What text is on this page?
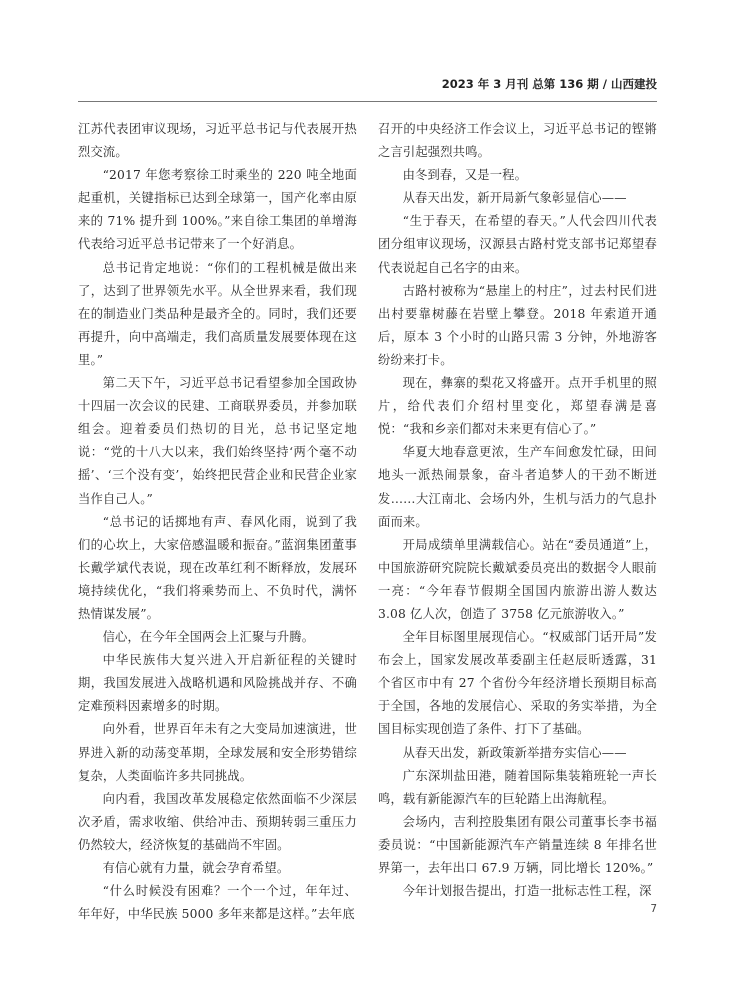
2023 年 3 月刊 总第 136 期 / 山西建投

江苏代表团审议现场，习近平总书记与代表展开热烈交流。

“2017 年您考察徐工时乘坐的 220 吨全地面起重机，关键指标已达到全球第一，国产化率由原来的 71% 提升到 100%。”来自徐工集团的单增海代表给习近平总书记带来了一个好消息。

总书记肯定地说：“你们的工程机械是做出来了，达到了世界领先水平。从全世界来看，我们现在的制造业门类品种是最齐全的。同时，我们还要再提升，向中高端走，我们高质量发展要体现在这里。”

第二天下午，习近平总书记看望参加全国政协十四届一次会议的民建、工商联界委员，并参加联组会。迎着委员们热切的目光，总书记坚定地说：“党的十八大以来，我们始终坚持‘两个毫不动摇’、‘三个没有变’，始终把民营企业和民营企业家当作自己人。”

“总书记的话掷地有声、春风化雨，说到了我们的心坎上，大家倍感温暖和振奋。”蓝润集团董事长戴学斌代表说，现在改革红利不断释放，发展环境持续优化，“我们将乘势而上、不负时代，满怀热情谋发展”。

信心，在今年全国两会上汇聚与升腾。

中华民族伟大复兴进入开启新征程的关键时期，我国发展进入战略机遇和风险挑战并存、不确定难预料因素增多的时期。

向外看，世界百年未有之大变局加速演进，世界进入新的动荡变革期，全球发展和安全形势错综复杂，人类面临许多共同挑战。

向内看，我国改革发展稳定依然面临不少深层次矛盾，需求收缩、供给冲击、预期转弱三重压力仍然较大，经济恢复的基础尚不牢固。

有信心就有力量，就会孕育希望。

“什么时候没有困难？一个一个过，年年过、年年好，中华民族 5000 多年来都是这样。”去年底

召开的中央经济工作会议上，习近平总书记的铿锵之言引起强烈共鸣。

由冬到春，又是一程。

从春天出发，新开局新气象彰显信心——

“生于春天，在希望的春天。”人代会四川代表团分组审议现场，汉源县古路村党支部书记郑望春代表说起自己名字的由来。

古路村被称为“悬崖上的村庄”，过去村民们进出村要靠树藤在岩壁上攀登。2018 年索道开通后，原本 3 个小时的山路只需 3 分钟，外地游客纷纷来打卡。

现在，彝寨的梨花又将盛开。点开手机里的照片，给代表们介绍村里变化，郑望春满是喜悦：“我和乡亲们都对未来更有信心了。”

华夏大地春意更浓，生产车间愈发忙碌，田间地头一派热闹景象，奋斗者追梦人的干劲不断迸发……大江南北、会场内外，生机与活力的气息扑面而来。

开局成绩单里满载信心。站在“委员通道”上，中国旅游研究院院长戴斌委员亮出的数据令人眼前一亮：“今年春节假期全国国内旅游出游人数达 3.08 亿人次，创造了 3758 亿元旅游收入。”

全年目标图里展现信心。“权威部门话开局”发布会上，国家发展改革委副主任赵辰昕透露，31 个省区市中有 27 个省份今年经济增长预期目标高于全国，各地的发展信心、采取的务实举措，为全国目标实现创造了条件、打下了基础。

从春天出发，新政策新举措夯实信心——

广东深圳盐田港，随着国际集装箱班轮一声长鸣，载有新能源汽车的巨轮踏上出海航程。

会场内，吉利控股集团有限公司董事长李书福委员说：“中国新能源汽车产销量连续 8 年排名世界第一，去年出口 67.9 万辆，同比增长 120%。”

今年计划报告提出，打造一批标志性工程，深

7
